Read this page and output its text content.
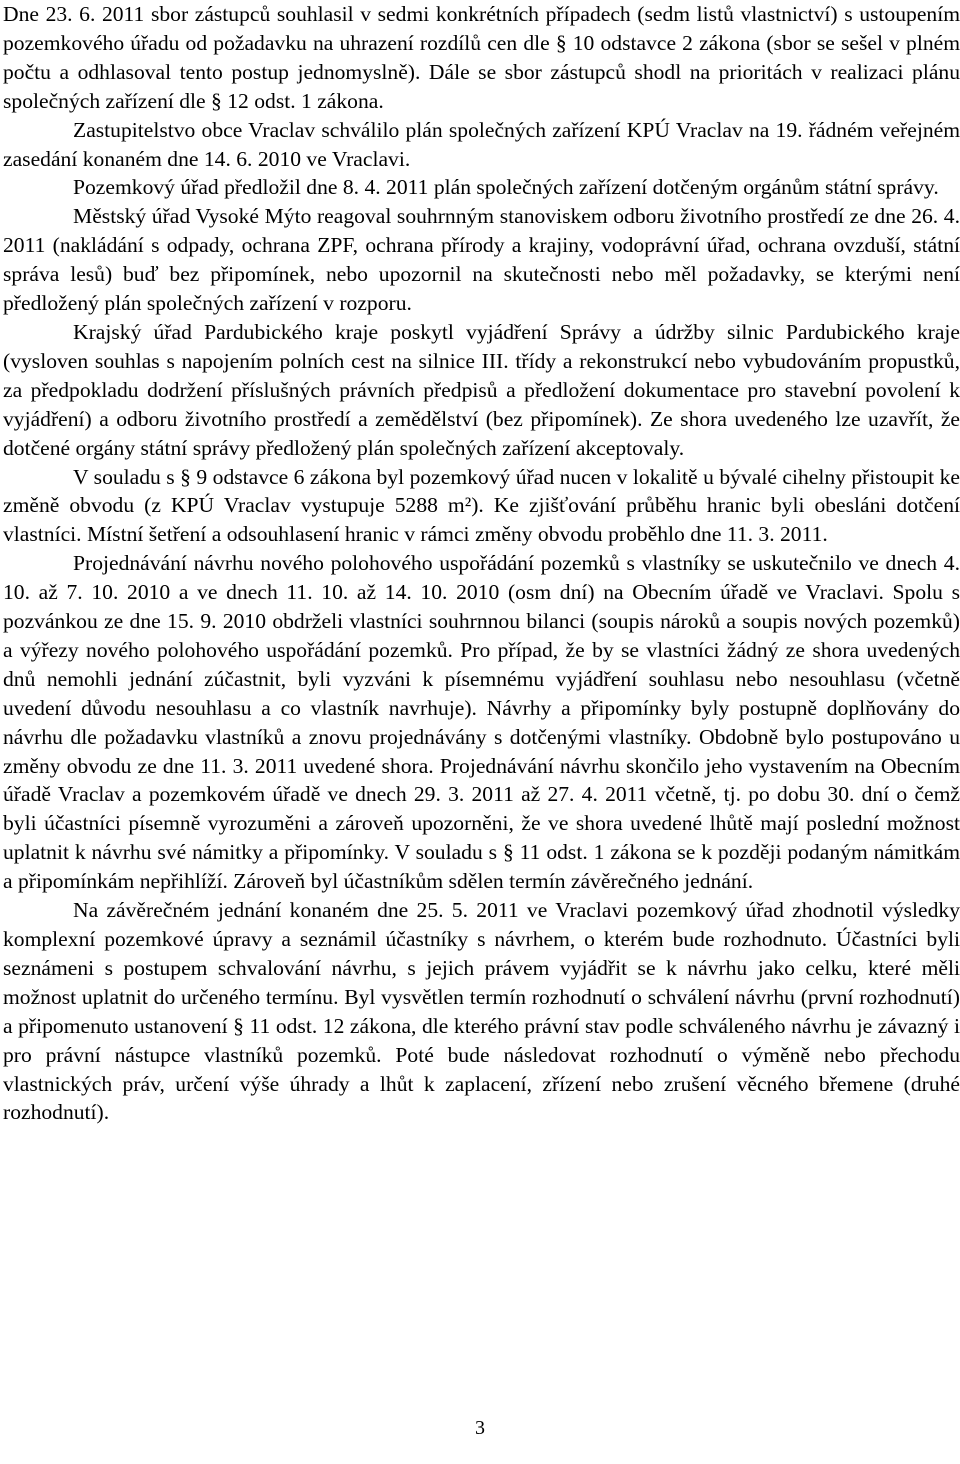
Dne 23. 6. 2011 sbor zástupců souhlasil v sedmi konkrétních případech (sedm listů vlastnictví) s ustoupením pozemkového úřadu od požadavku na uhrazení rozdílů cen dle § 10 odstavce 2 zákona (sbor se sešel v plném počtu a odhlasoval tento postup jednomyslně). Dále se sbor zástupců shodl na prioritách v realizaci plánu společných zařízení dle § 12 odst. 1 zákona.

Zastupitelstvo obce Vraclav schválilo plán společných zařízení KPÚ Vraclav na 19. řádném veřejném zasedání konaném dne 14. 6. 2010 ve Vraclavi.

Pozemkový úřad předložil dne 8. 4. 2011 plán společných zařízení dotčeným orgánům státní správy.

Městský úřad Vysoké Mýto reagoval souhrnným stanoviskem odboru životního prostředí ze dne 26. 4. 2011 (nakládání s odpady, ochrana ZPF, ochrana přírody a krajiny, vodoprávní úřad, ochrana ovzduší, státní správa lesů) buď bez připomínek, nebo upozornil na skutečnosti nebo měl požadavky, se kterými není předložený plán společných zařízení v rozporu.

Krajský úřad Pardubického kraje poskytl vyjádření Správy a údržby silnic Pardubického kraje (vysloven souhlas s napojením polních cest na silnice III. třídy a rekonstrukcí nebo vybudováním propustků, za předpokladu dodržení příslušných právních předpisů a předložení dokumentace pro stavební povolení k vyjádření) a odboru životního prostředí a zemědělství (bez připomínek). Ze shora uvedeného lze uzavřít, že dotčené orgány státní správy předložený plán společných zařízení akceptovaly.

V souladu s § 9 odstavce 6 zákona byl pozemkový úřad nucen v lokalitě u bývalé cihelny přistoupit ke změně obvodu (z KPÚ Vraclav vystupuje 5288 m²). Ke zjišťování průběhu hranic byli obesláni dotčení vlastníci. Místní šetření a odsouhlasení hranic v rámci změny obvodu proběhlo dne 11. 3. 2011.

Projednávání návrhu nového polohového uspořádání pozemků s vlastníky se uskutečnilo ve dnech 4. 10. až 7. 10. 2010 a ve dnech 11. 10. až 14. 10. 2010 (osm dní) na Obecním úřadě ve Vraclavi. Spolu s pozvánkou ze dne 15. 9. 2010 obdrželi vlastníci souhrnnou bilanci (soupis nároků a soupis nových pozemků) a výřezy nového polohového uspořádání pozemků. Pro případ, že by se vlastníci žádný ze shora uvedených dnů nemohli jednání zúčastnit, byli vyzváni k písemnému vyjádření souhlasu nebo nesouhlasu (včetně uvedení důvodu nesouhlasu a co vlastník navrhuje). Návrhy a připomínky byly postupně doplňovány do návrhu dle požadavku vlastníků a znovu projednávány s dotčenými vlastníky. Obdobně bylo postupováno u změny obvodu ze dne 11. 3. 2011 uvedené shora. Projednávání návrhu skončilo jeho vystavením na Obecním úřadě Vraclav a pozemkovém úřadě ve dnech 29. 3. 2011 až 27. 4. 2011 včetně, tj. po dobu 30. dní o čemž byli účastníci písemně vyrozuměni a zároveň upozorněni, že ve shora uvedené lhůtě mají poslední možnost uplatnit k návrhu své námitky a připomínky. V souladu s § 11 odst. 1 zákona se k později podaným námitkám a připomínkám nepřihlíží. Zároveň byl účastníkům sdělen termín závěrečného jednání.

Na závěrečném jednání konaném dne 25. 5. 2011 ve Vraclavi pozemkový úřad zhodnotil výsledky komplexní pozemkové úpravy a seznámil účastníky s návrhem, o kterém bude rozhodnuto. Účastníci byli seznámeni s postupem schvalování návrhu, s jejich právem vyjádřit se k návrhu jako celku, které měli možnost uplatnit do určeného termínu. Byl vysvětlen termín rozhodnutí o schválení návrhu (první rozhodnutí) a připomenuto ustanovení § 11 odst. 12 zákona, dle kterého právní stav podle schváleného návrhu je závazný i pro právní nástupce vlastníků pozemků. Poté bude následovat rozhodnutí o výměně nebo přechodu vlastnických práv, určení výše úhrady a lhůt k zaplacení, zřízení nebo zrušení věcného břemene (druhé rozhodnutí).

3
